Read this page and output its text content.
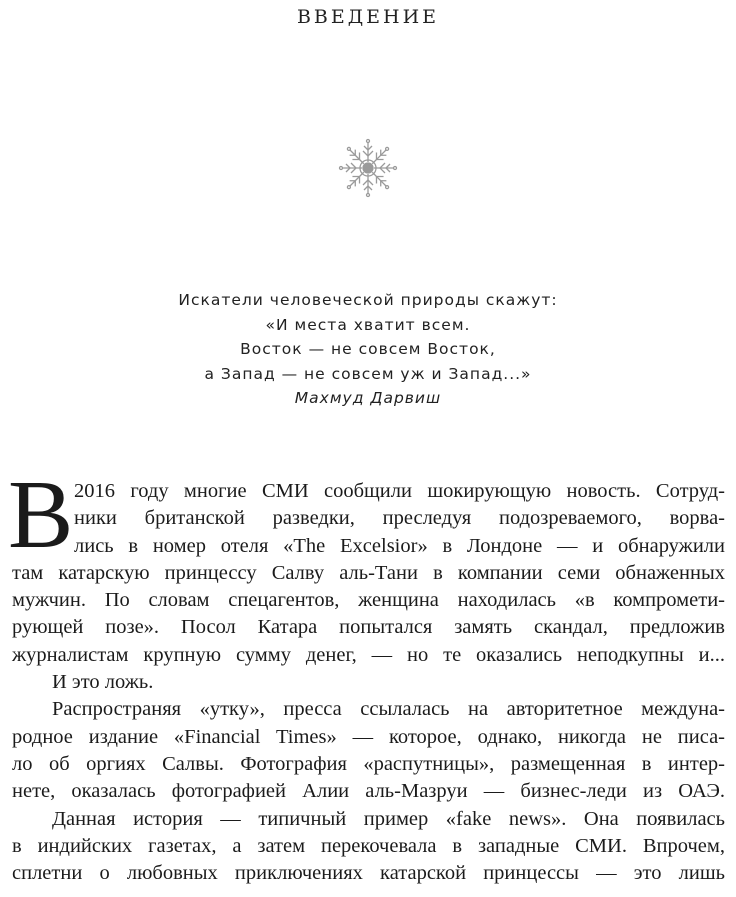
ВВЕДЕНИЕ
Искатели человеческой природы скажут:
«И места хватит всем.
Восток — не совсем Восток,
а Запад — не совсем уж и Запад...»
Махмуд Дарвиш
В 2016 году многие СМИ сообщили шокирующую новость. Сотруд-
ники британской разведки, преследуя подозреваемого, ворва-
лись в номер отеля «The Excelsior» в Лондоне — и обнаружили
там катарскую принцессу Салву аль-Тани в компании семи обнаженных
мужчин. По словам спецагентов, женщина находилась «в компромети-
рующей позе». Посол Катара попытался замять скандал, предложив
журналистам крупную сумму денег, — но те оказались неподкупны и...
И это ложь.
Распространяя «утку», пресса ссылалась на авторитетное междуна-
родное издание «Financial Times» — которое, однако, никогда не писа-
ло об оргиях Салвы. Фотография «распутницы», размещенная в интер-
нете, оказалась фотографией Алии аль-Мазруи — бизнес-леди из ОАЭ.
Данная история — типичный пример «fake news». Она появилась
в индийских газетах, а затем перекочевала в западные СМИ. Впрочем,
сплетни о любовных приключениях катарской принцессы — это лишь
